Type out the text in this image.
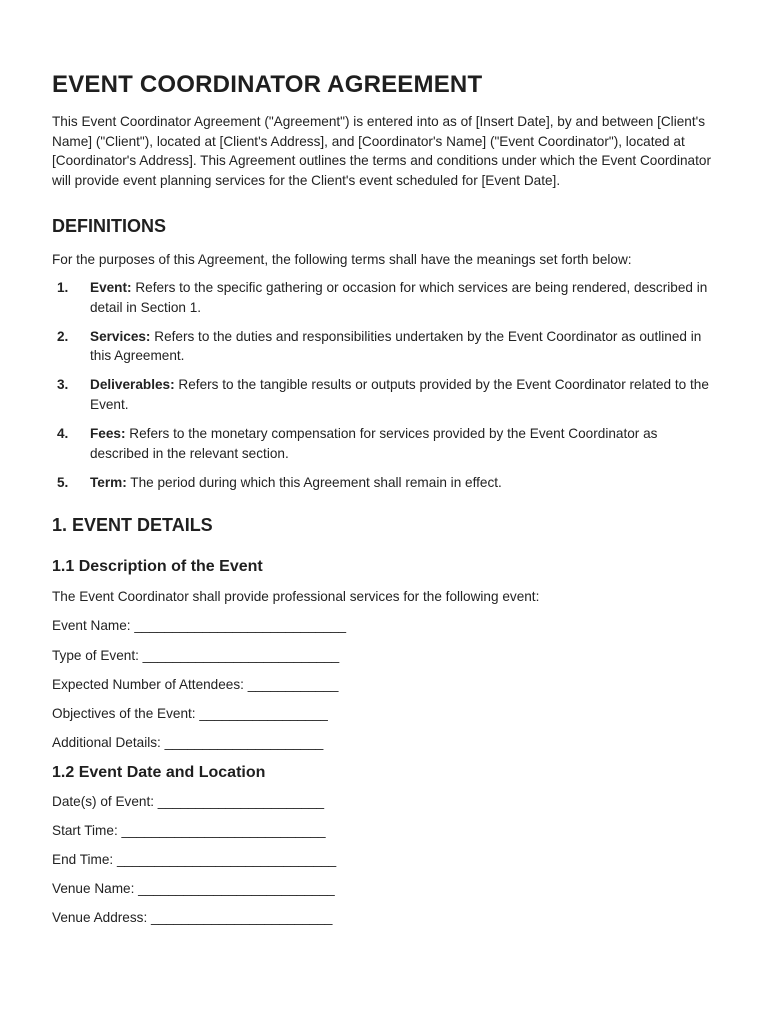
EVENT COORDINATOR AGREEMENT

This Event Coordinator Agreement ("Agreement") is entered into as of [Insert Date], by and between [Client's Name] ("Client"), located at [Client's Address], and [Coordinator's Name] ("Event Coordinator"), located at [Coordinator's Address]. This Agreement outlines the terms and conditions under which the Event Coordinator will provide event planning services for the Client's event scheduled for [Event Date].

DEFINITIONS

For the purposes of this Agreement, the following terms shall have the meanings set forth below:

1.	Event: Refers to the specific gathering or occasion for which services are being rendered, described in detail in Section 1.
2.	Services: Refers to the duties and responsibilities undertaken by the Event Coordinator as outlined in this Agreement.
3.	Deliverables: Refers to the tangible results or outputs provided by the Event Coordinator related to the Event.
4.	Fees: Refers to the monetary compensation for services provided by the Event Coordinator as described in the relevant section.
5.	Term: The period during which this Agreement shall remain in effect.
1. EVENT DETAILS
1.1 Description of the Event

The Event Coordinator shall provide professional services for the following event:

Event Name: ____________________________
Type of Event: __________________________
Expected Number of Attendees: ____________
Objectives of the Event: _________________
Additional Details: _____________________
1.2 Event Date and Location
Date(s) of Event: ______________________
Start Time: ___________________________
End Time: _____________________________
Venue Name: __________________________
Venue Address: ________________________
